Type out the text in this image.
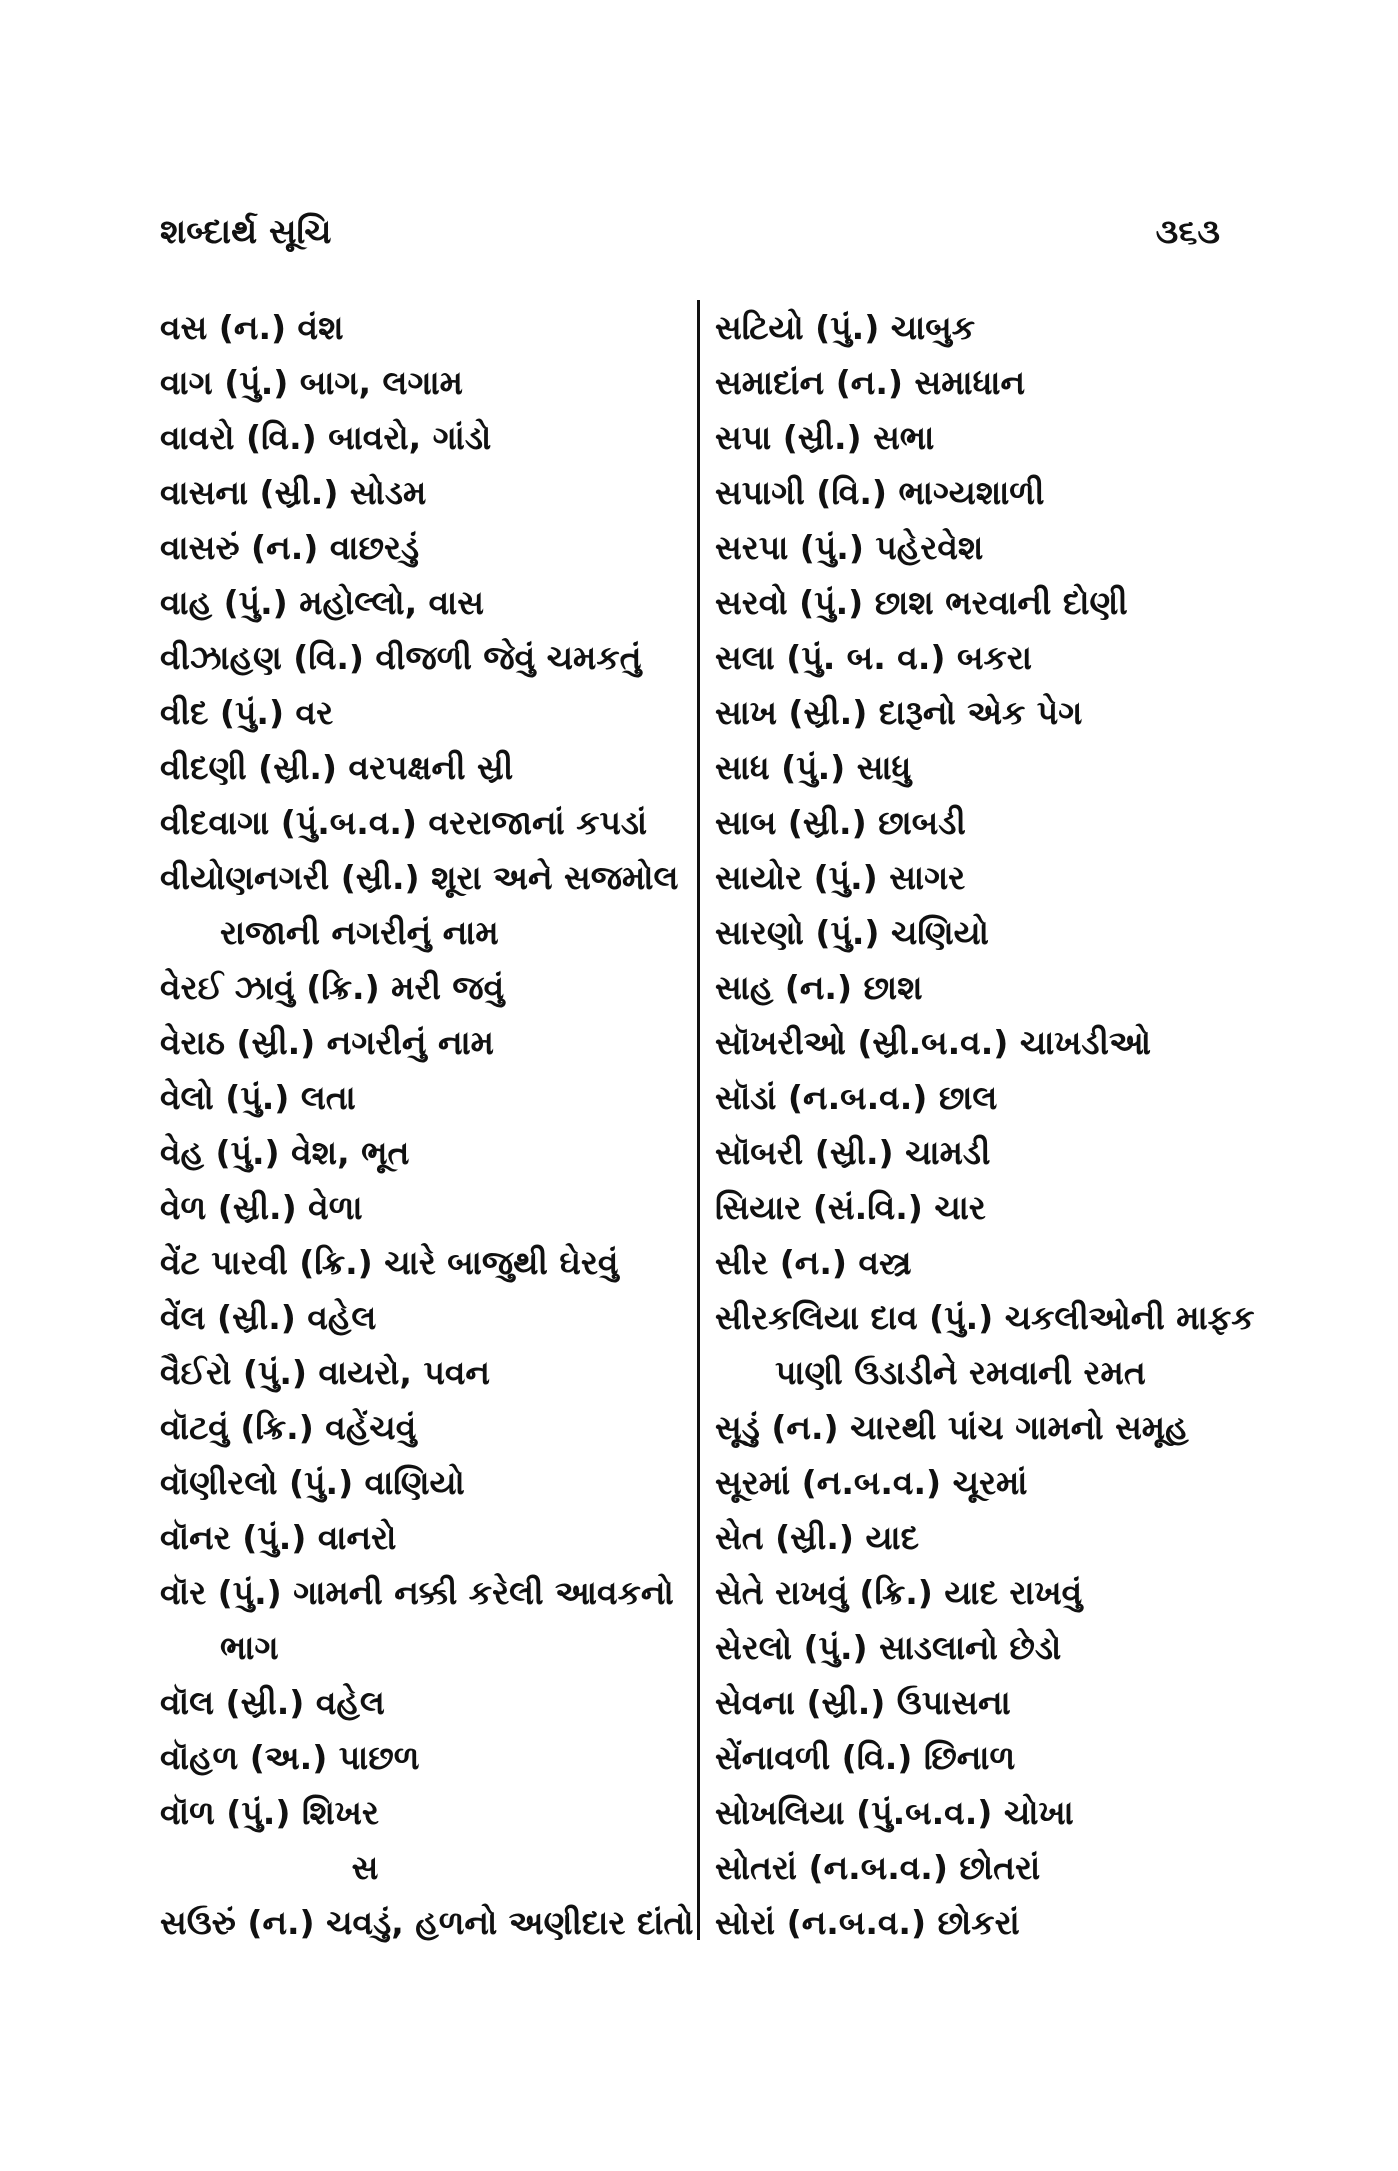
શબ્દાર્થ સૂચિ	૩૬૩
વસ (ન.) વંશ
વાગ (પું.) બાગ, લગામ
વાવરો (વિ.) બાવરો, ગાંડો
વાસના (સ્રી.) સોડમ
વાસરું (ન.) વાછરડું
વાહ (પું.) મહોલ્લો, વાસ
વીઝાહણ (વિ.) વીજળી જેવું ચમકતું
વીદ (પું.) વર
વીદણી (સ્રી.) વરપક્ષની સ્રી
વીદવાગા (પું.બ.વ.) વરરાજાનાં કપડાં
વીયોણનગરી (સ્રી.) શૂરા અને સજમોલ
રાજાની નગરીનું નામ
વેરઈ ઝાવું (ક્રિ.) મરી જવું
વેરાઠ (સ્રી.) નગરીનું નામ
વેલો (પું.) લતા
વેહ (પું.) વેશ, ભૂત
વેળ (સ્રી.) વેળા
વેંટ પારવી (ક્રિ.) ચારે બાજુથી ઘેરવું
વેંલ (સ્રી.) વહેલ
વૈઈરો (પું.) વાયરો, પવન
વૉટવું (ક્રિ.) વહેંચવું
વૉણીરલો (પું.) વાણિયો
વૉનર (પું.) વાનરો
વૉર (પું.) ગામની નક્કી કરેલી આવકનો
ભાગ
વૉલ (સ્રી.) વહેલ
વૉહળ (અ.) પાછળ
વૉળ (પું.) શિખર
સ
સઉરું (ન.) ચવડું, હળનો અણીદાર દાંતો
સટિયો (પું.) ચાબુક
સમાદાંન (ન.) સમાધાન
સપા (સ્રી.) સભા
સપાગી (વિ.) ભાગ્યશાળી
સરપા (પું.) પહેરવેશ
સરવો (પું.) છાશ ભરવાની દોણી
સલા (પું. બ. વ.) બકરા
સાખ (સ્રી.) દારૂનો એક પેગ
સાધ (પું.) સાધુ
સાબ (સ્રી.) છાબડી
સાયોર (પું.) સાગર
સારણો (પું.) ચણિયો
સાહ (ન.) છાશ
સૉખરીઓ (સ્રી.બ.વ.) ચાખડીઓ
સૉડાં (ન.બ.વ.) છાલ
સૉબરી (સ્રી.) ચામડી
સિયાર (સં.વિ.) ચાર
સીર (ન.) વસ્ત્ર
સીરકલિયા દાવ (પું.) ચકલીઓની માફક
પાણી ઉડાડીને રમવાની રમત
સૂડું (ન.) ચારથી પાંચ ગામનો સમૂહ
સૂરમાં (ન.બ.વ.) ચૂરમાં
સેત (સ્રી.) યાદ
સેતે રાખવું (ક્રિ.) યાદ રાખવું
સેરલો (પું.) સાડલાનો છેડો
સેવના (સ્રી.) ઉપાસના
સેંનાવળી (વિ.) છિનાળ
સોખલિયા (પું.બ.વ.) ચોખા
સોતરાં (ન.બ.વ.) છોતરાં
સોરાં (ન.બ.વ.) છોકરાં
